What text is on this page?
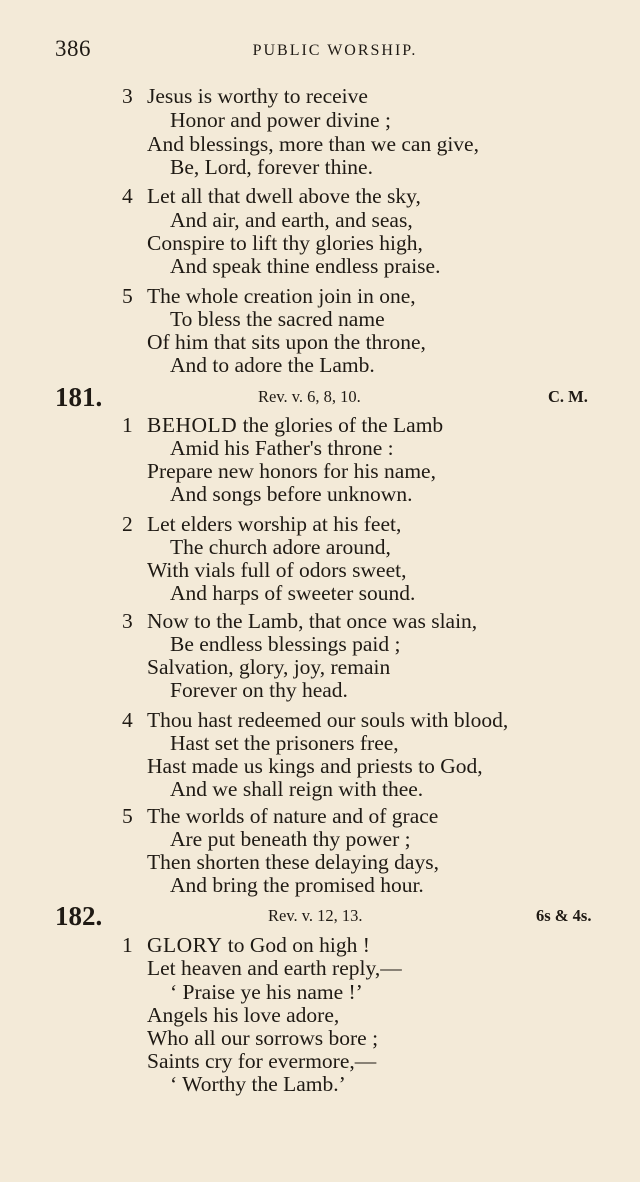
386	PUBLIC WORSHIP.
3 Jesus is worthy to receive
Honor and power divine ;
And blessings, more than we can give,
Be, Lord, forever thine.
4 Let all that dwell above the sky,
And air, and earth, and seas,
Conspire to lift thy glories high,
And speak thine endless praise.
5 The whole creation join in one,
To bless the sacred name
Of him that sits upon the throne,
And to adore the Lamb.
181.	Rev. v. 6, 8, 10.	C. M.
1 BEHOLD the glories of the Lamb
Amid his Father's throne :
Prepare new honors for his name,
And songs before unknown.
2 Let elders worship at his feet,
The church adore around,
With vials full of odors sweet,
And harps of sweeter sound.
3 Now to the Lamb, that once was slain,
Be endless blessings paid ;
Salvation, glory, joy, remain
Forever on thy head.
4 Thou hast redeemed our souls with blood,
Hast set the prisoners free,
Hast made us kings and priests to God,
And we shall reign with thee.
5 The worlds of nature and of grace
Are put beneath thy power ;
Then shorten these delaying days,
And bring the promised hour.
182.	Rev. v. 12, 13.	6s & 4s.
1 GLORY to God on high !
Let heaven and earth reply,—
‘ Praise ye his name !’
Angels his love adore,
Who all our sorrows bore ;
Saints cry for evermore,—
‘ Worthy the Lamb.’
